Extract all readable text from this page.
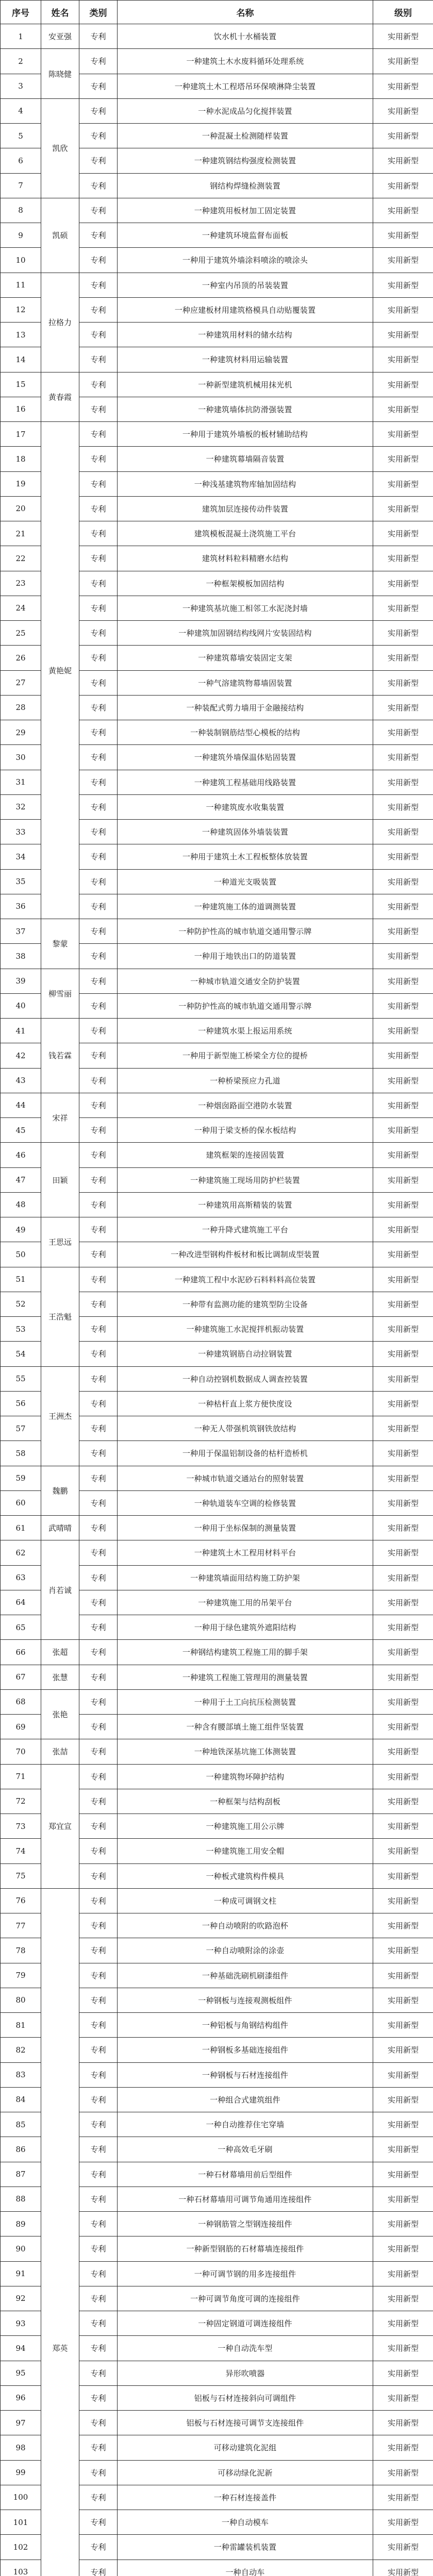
序号	姓名	类别	名称	级别
1	安亚强	专利	饮水机十水桶装置	实用新型
2	陈晓健	专利	一种建筑土木水废料循环处理系统	实用新型
3		专利	一种建筑土木工程塔吊环保喷淋降尘装置	实用新型
4	凯欣	专利	一种水泥成品匀化搅拌装置	实用新型
5		专利	一种混凝土检测随样装置	实用新型
6		专利	一种建筑钢结构强度检测装置	实用新型
7		专利	钢结构焊缝检测装置	实用新型
8	凯硕	专利	一种建筑用板材加工固定装置	实用新型
9		专利	一种建筑环境监督布面板	实用新型
10		专利	一种用于建筑外墙涂料喷涂的喷涂头	实用新型
11	拉格力	专利	一种室内吊顶的吊装装置	实用新型
12		专利	一种应建板材用建筑格模具自动贴覆装置	实用新型
13		专利	一种建筑用材料的储水结构	实用新型
14		专利	一种建筑材料用运输装置	实用新型
15	黄春霞	专利	一种新型建筑机械用抹光机	实用新型
16		专利	一种建筑墙体抗防滑强装置	实用新型
17	黄艳妮	专利	一种用于建筑外墙板的板材辅助结构	实用新型
18		专利	一种建筑幕墙隔音装置	实用新型
19		专利	一种浅基建筑物库轴加固结构	实用新型
20		专利	建筑加层连接传动件装置	实用新型
21		专利	建筑模板混凝土浇筑施工平台	实用新型
22		专利	建筑材料粒料精磨水结构	实用新型
23		专利	一种框架模板加固结构	实用新型
24		专利	一种建筑基坑施工相邻工水泥浇封墙	实用新型
25		专利	一种建筑加固钢结构线网片安装固结构	实用新型
26		专利	一种建筑幕墙安装固定支架	实用新型
27		专利	一种气溶建筑物幕墙固装置	实用新型
28		专利	一种装配式剪力墙用于金融接结构	实用新型
29		专利	一种装制钢筋结型心模板的结构	实用新型
30		专利	一种建筑外墙保温体贴固装置	实用新型
31		专利	一种建筑工程基础用线路装置	实用新型
32		专利	一种建筑废水收集装置	实用新型
33		专利	一种建筑固体外墙装装置	实用新型
34		专利	一种用于建筑土木工程板整体放装置	实用新型
35		专利	一种道光支吸装置	实用新型
36		专利	一种建筑施工体的道调测装置	实用新型
37	黎蒙	专利	一种防护性高的城市轨道交通用警示牌	实用新型
38		专利	一种用于地铁出口的防道装置	实用新型
39	柳雪丽	专利	一种城市轨道交通安全防护装置	实用新型
40		专利	一种防护性高的城市轨道交通用警示牌	实用新型
41	钱若霖	专利	一种建筑水渠上报运用系统	实用新型
42		专利	一种用于新型施工桥梁全方位的提桥	实用新型
43		专利	一种桥梁预应力孔道	实用新型
44	宋祥	专利	一种烟囱路面空港防水装置	实用新型
45		专利	一种用于梁支桥的保水板结构	实用新型
46	田颖	专利	建筑框架的连接固装置	实用新型
47		专利	一种建筑施工现场用防护栏装置	实用新型
48		专利	一种建筑用高斯精装的装置	实用新型
49	王思远	专利	一种升降式建筑施工平台	实用新型
50		专利	一种改进型钢构件板材和板比调制成型装置	实用新型
51	王浩魁	专利	一种建筑工程中水泥砂石料料料高位装置	实用新型
52		专利	一种带有监测功能的建筑型防尘设备	实用新型
53		专利	一种建筑施工水泥搅拌机振动装置	实用新型
54		专利	一种建筑钢筋自动拉钢装置	实用新型
55	王洲杰	专利	一种自动控钢机数据成人调查控装置	实用新型
56		专利	一种枯杆直上浆方便快度设	实用新型
57		专利	一种无人带强机筑钢铁放结构	实用新型
58		专利	一种用于保温铝制设备的枯杆造桥机	实用新型
59	魏鹏	专利	一种城市轨道交通站台的照射装置	实用新型
60		专利	一种轨道装车空调的检修装置	实用新型
61	武晴晴	专利	一种用于坐标保制的测量装置	实用新型
62	肖若诚	专利	一种建筑土木工程用材料平台	实用新型
63		专利	一种建筑墙面用结构施工防护架	实用新型
64		专利	一种建筑施工用的吊架平台	实用新型
65		专利	一种用于绿色建筑外遮阳结构	实用新型
66	张超	专利	一种钢结构建筑工程施工用的脚手架	实用新型
67	张慧	专利	一种建筑工程施工管理用的测量装置	实用新型
68	张艳	专利	一种用于土工向抗压检测装置	实用新型
69		专利	一种含有腰部填土施工组件坚装置	实用新型
70	张喆	专利	一种地铁深基坑施工体测装置	实用新型
71	郑宜宣	专利	一种建筑物坏障护结构	实用新型
72		专利	一种框架与结构刮板	实用新型
73		专利	一种建筑施工用公示牌	实用新型
74		专利	一种建筑施工用安全帽	实用新型
75		专利	一种板式建筑构件模具	实用新型
76	郑英	专利	一种成可调钢文柱	实用新型
77		专利	一种自动喷附的吹路泡杯	实用新型
78		专利	一种自动喷附涂的涂壶	实用新型
79		专利	一种基础洗刷机刷漆组件	实用新型
80		专利	一种钢板与连接观测板组件	实用新型
81		专利	一种铝板与角钢结构组件	实用新型
82		专利	一种钢板多基础连接组件	实用新型
83		专利	一种钢板与石材连接组件	实用新型
84		专利	一种组合式建筑组件	实用新型
85		专利	一种自动推荐住宅穿墙	实用新型
86		专利	一种高效毛牙刷	实用新型
87		专利	一种石材幕墙用前后型组件	实用新型
88		专利	一种石材幕墙用可调节角通用连接组件	实用新型
89		专利	一种钢筋管之型钢连接组件	实用新型
90		专利	一种新型钢筋的石材幕墙连接组件	实用新型
91		专利	一种可调节钢的用多连接组件	实用新型
92		专利	一种可调节角度可调的连接组件	实用新型
93		专利	一种固定钢道可调连接组件	实用新型
94		专利	一种自动洗车型	实用新型
95		专利	异形吹喷器	实用新型
96		专利	铝板与石材连接斜向可调组件	实用新型
97		专利	铝板与石材连接可调节支连接组件	实用新型
98		专利	可移动建筑化泥组	实用新型
99		专利	可移动绿化泥新	实用新型
100		专利	一种石材连接盖件	实用新型
101		专利	一种自动模车	实用新型
102		专利	一种雷罐装机装置	实用新型
103		专利	一种自动车	实用新型
